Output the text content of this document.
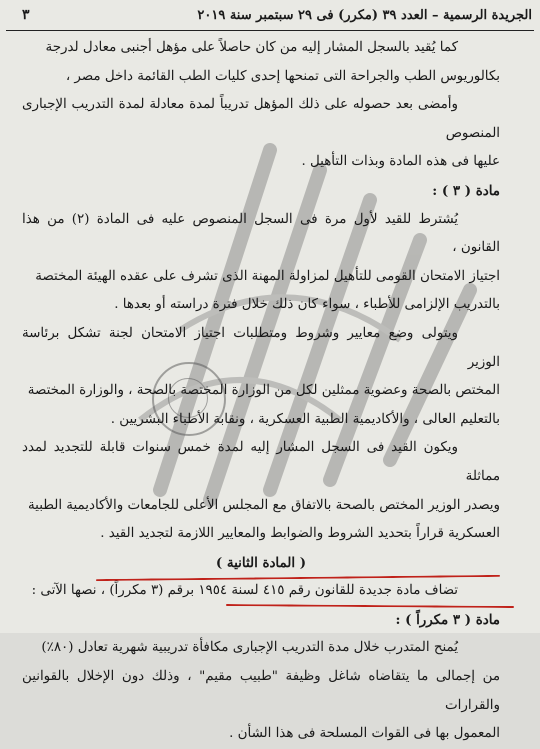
الجريدة الرسمية – العدد ٣٩ (مكرر) فى ٢٩ سبتمبر سنة ٢٠١٩
٣

كما يُقيد بالسجل المشار إليه من كان حاصلاً على مؤهل أجنبى معادل لدرجة

بكالوريوس الطب والجراحة التى تمنحها إحدى كليات الطب القائمة داخل مصر ،

وأمضى بعد حصوله على ذلك المؤهل تدريباً لمدة معادلة لمدة التدريب الإجبارى المنصوص

عليها فى هذه المادة وبذات التأهيل .

مادة ( ٣ ) :

يُشترط للقيد لأول مرة فى السجل المنصوص عليه فى المادة (٢) من هذا القانون ،

اجتياز الامتحان القومى للتأهيل لمزاولة المهنة الذى تشرف على عقده الهيئة المختصة

بالتدريب الإلزامى للأطباء ، سواء كان ذلك خلال فترة دراسته أو بعدها .

ويتولى وضع معايير وشروط ومتطلبات اجتياز الامتحان لجنة تشكل برئاسة الوزير

المختص بالصحة وعضوية ممثلين لكل من الوزارة المختصة بالصحة ، والوزارة المختصة

بالتعليم العالى ، والأكاديمية الطبية العسكرية ، ونقابة الأطباء البشريين .

ويكون القيد فى السجل المشار إليه لمدة خمس سنوات قابلة للتجديد لمدد مماثلة

ويصدر الوزير المختص بالصحة بالاتفاق مع المجلس الأعلى للجامعات والأكاديمية الطبية

العسكرية قراراً بتحديد الشروط والضوابط والمعايير اللازمة لتجديد القيد .

( المادة الثانية )

تضاف مادة جديدة للقانون رقم ٤١٥ لسنة ١٩٥٤ برقم (٣ مكرراً) ، نصها الآتى :

مادة ( ٣ مكرراً ) :

يُمنح المتدرب خلال مدة التدريب الإجبارى مكافأة تدريبية شهرية تعادل (٨٠٪)

من إجمالى ما يتقاضاه شاغل وظيفة "طبيب مقيم" ، وذلك دون الإخلال بالقوانين والقرارات

المعمول بها فى القوات المسلحة فى هذا الشأن .
